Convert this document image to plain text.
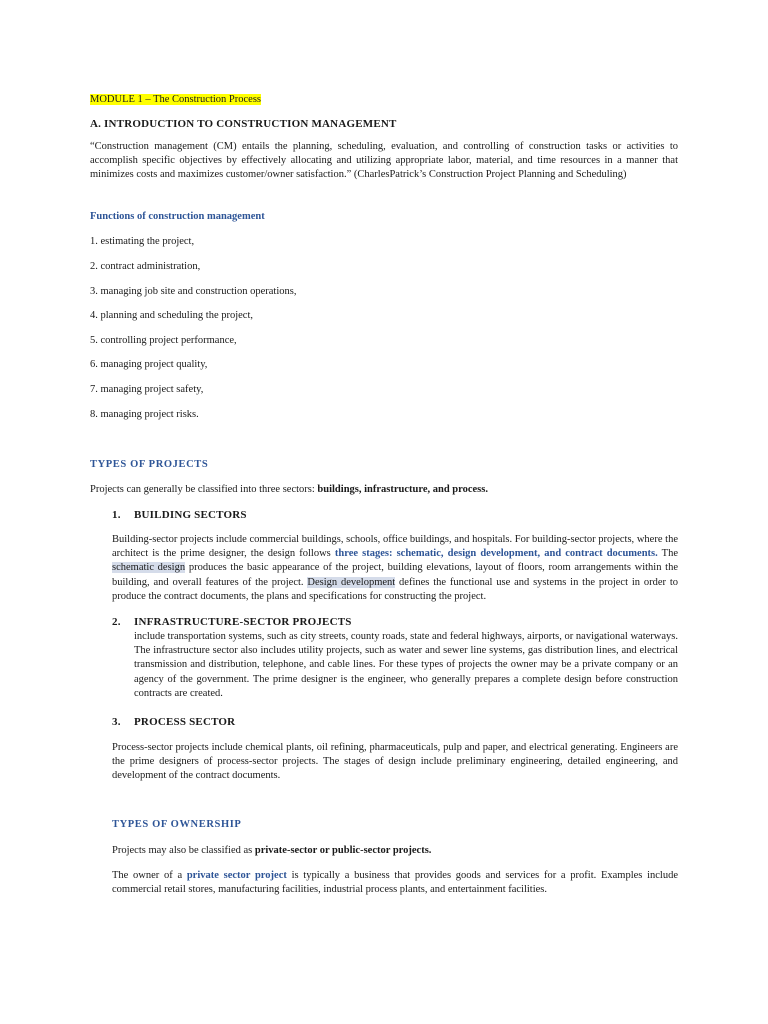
MODULE 1 – The Construction Process
A. INTRODUCTION TO CONSTRUCTION MANAGEMENT

“Construction management (CM) entails the planning, scheduling, evaluation, and controlling of construction tasks or activities to accomplish specific objectives by effectively allocating and utilizing appropriate labor, material, and time resources in a manner that minimizes costs and maximizes customer/owner satisfaction.” (CharlesPatrick’s Construction Project Planning and Scheduling)

Functions of construction management
1. estimating the project,
2. contract administration,
3. managing job site and construction operations,
4. planning and scheduling the project,
5. controlling project performance,
6. managing project quality,
7. managing project safety,
8. managing project risks.
TYPES OF PROJECTS

Projects can generally be classified into three sectors: buildings, infrastructure, and process.

1. BUILDING SECTORS

Building-sector projects include commercial buildings, schools, office buildings, and hospitals. For building-sector projects, where the architect is the prime designer, the design follows three stages: schematic, design development, and contract documents. The schematic design produces the basic appearance of the project, building elevations, layout of floors, room arrangements within the building, and overall features of the project. Design development defines the functional use and systems in the project in order to produce the contract documents, the plans and specifications for constructing the project.

2. INFRASTRUCTURE-SECTOR PROJECTS

include transportation systems, such as city streets, county roads, state and federal highways, airports, or navigational waterways. The infrastructure sector also includes utility projects, such as water and sewer line systems, gas distribution lines, and electrical transmission and distribution, telephone, and cable lines. For these types of projects the owner may be a private company or an agency of the government. The prime designer is the engineer, who generally prepares a complete design before construction contracts are created.

3. PROCESS SECTOR

Process-sector projects include chemical plants, oil refining, pharmaceuticals, pulp and paper, and electrical generating. Engineers are the prime designers of process-sector projects. The stages of design include preliminary engineering, detailed engineering, and development of the contract documents.

TYPES OF OWNERSHIP

Projects may also be classified as private-sector or public-sector projects.

The owner of a private sector project is typically a business that provides goods and services for a profit. Examples include commercial retail stores, manufacturing facilities, industrial process plants, and entertainment facilities.
